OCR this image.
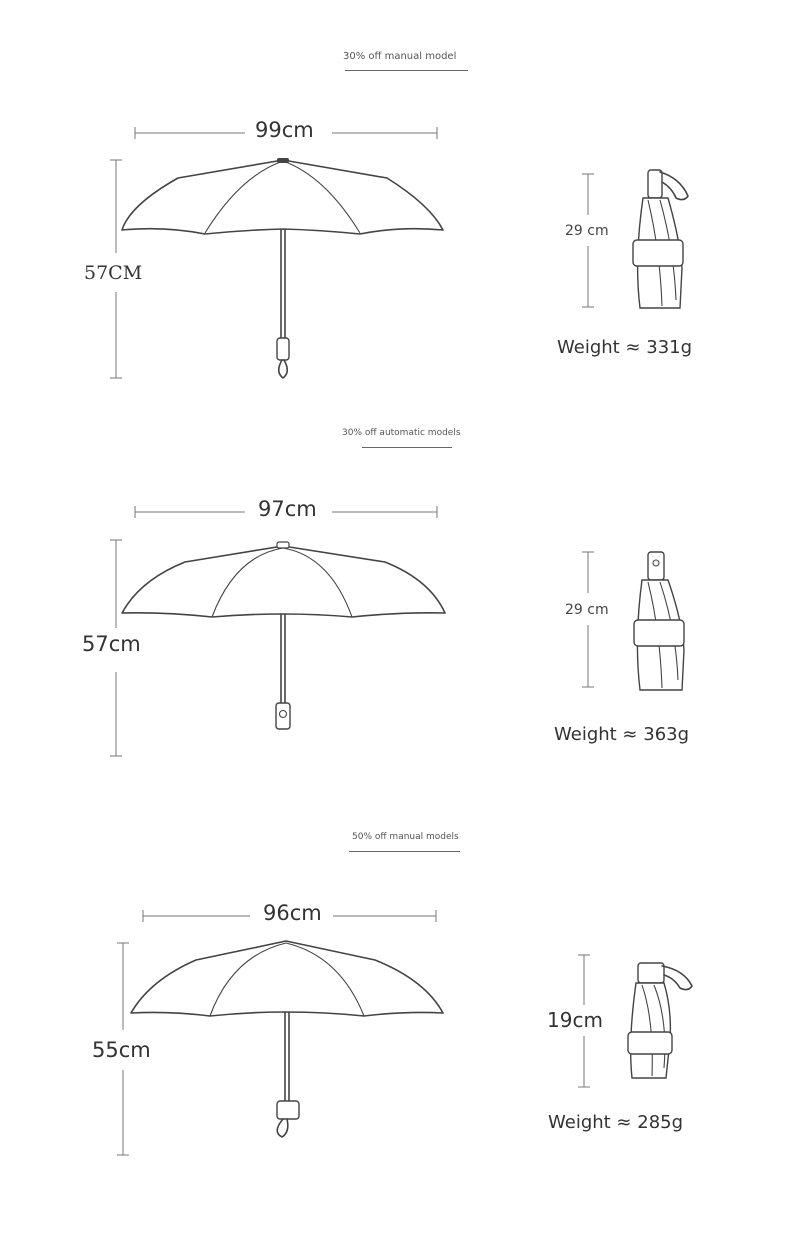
30% off manual model
99cm
57CM
29 cm
Weight ≈ 331g
30% off automatic models
97cm
57cm
29 cm
Weight ≈ 363g
50% off manual models
96cm
55cm
19cm
Weight ≈ 285g
